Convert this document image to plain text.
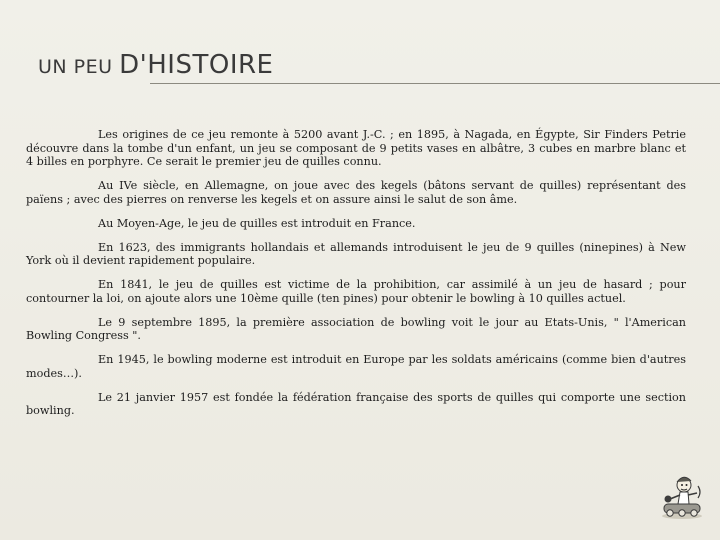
UN PEU D'HISTOIRE

Les origines de ce jeu remonte à 5200 avant J.-C. ; en 1895, à Nagada, en Égypte, Sir Finders Petrie découvre dans la tombe d'un enfant, un jeu se composant de 9 petits vases en albâtre, 3 cubes en marbre blanc et 4 billes en porphyre. Ce serait le premier jeu de quilles connu.

Au IVe siècle, en Allemagne, on joue avec des kegels (bâtons servant de quilles) représentant des païens ; avec des pierres on renverse les kegels et on assure ainsi le salut de son âme.

Au Moyen-Age, le jeu de quilles est introduit en France.

En 1623, des immigrants hollandais et allemands introduisent le jeu de 9 quilles (ninepines) à New York où il devient rapidement populaire.

En 1841, le jeu de quilles est victime de la prohibition, car assimilé à un jeu de hasard ; pour contourner la loi, on ajoute alors une 10ème quille (ten pines) pour obtenir le bowling à 10 quilles actuel.

Le 9 septembre 1895, la première association de bowling voit le jour au Etats-Unis, " l'American Bowling Congress ".

En 1945, le bowling moderne est introduit en Europe par les soldats américains (comme bien d'autres modes…).

Le 21 janvier 1957 est fondée la fédération française des sports de quilles qui comporte une section bowling.
